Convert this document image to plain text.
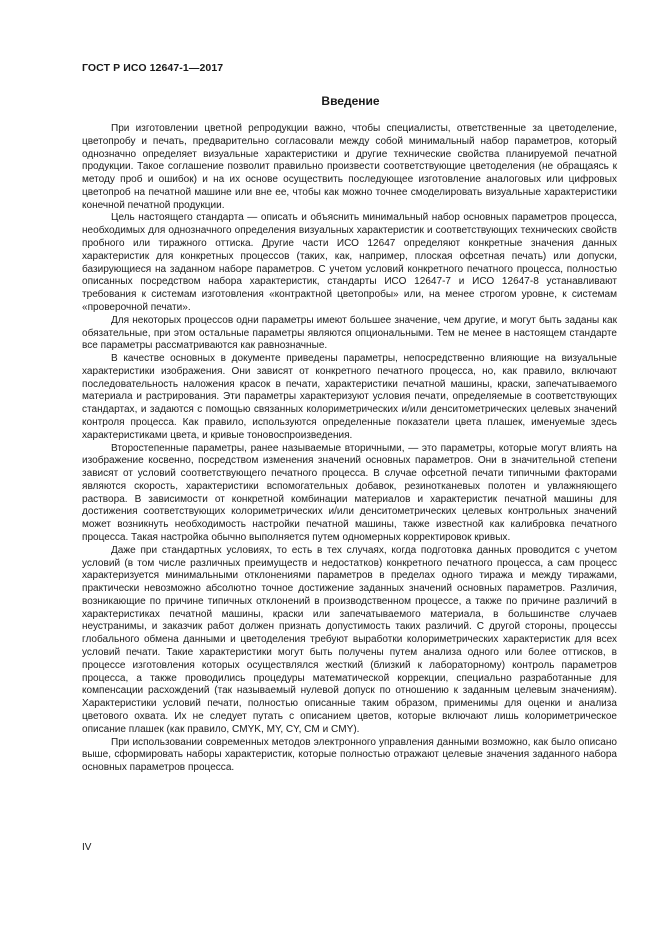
ГОСТ Р ИСО 12647-1—2017
Введение

При изготовлении цветной репродукции важно, чтобы специалисты, ответственные за цветоделение, цветопробу и печать, предварительно согласовали между собой минимальный набор параметров, который однозначно определяет визуальные характеристики и другие технические свойства планируемой печатной продукции. Такое соглашение позволит правильно произвести соответствующие цветоделения (не обращаясь к методу проб и ошибок) и на их основе осуществить последующее изготовление аналоговых или цифровых цветопроб на печатной машине или вне ее, чтобы как можно точнее смоделировать визуальные характеристики конечной печатной продукции.

Цель настоящего стандарта — описать и объяснить минимальный набор основных параметров процесса, необходимых для однозначного определения визуальных характеристик и соответствующих технических свойств пробного или тиражного оттиска. Другие части ИСО 12647 определяют конкретные значения данных характеристик для конкретных процессов (таких, как, например, плоская офсетная печать) или допуски, базирующиеся на заданном наборе параметров. С учетом условий конкретного печатного процесса, полностью описанных посредством набора характеристик, стандарты ИСО 12647-7 и ИСО 12647-8 устанавливают требования к системам изготовления «контрактной цветопробы» или, на менее строгом уровне, к системам «проверочной печати».

Для некоторых процессов одни параметры имеют большее значение, чем другие, и могут быть заданы как обязательные, при этом остальные параметры являются опциональными. Тем не менее в настоящем стандарте все параметры рассматриваются как равнозначные.

В качестве основных в документе приведены параметры, непосредственно влияющие на визуальные характеристики изображения. Они зависят от конкретного печатного процесса, но, как правило, включают последовательность наложения красок в печати, характеристики печатной машины, краски, запечатываемого материала и растрирования. Эти параметры характеризуют условия печати, определяемые в соответствующих стандартах, и задаются с помощью связанных колориметрических и/или денситометрических целевых значений контроля процесса. Как правило, используются определенные показатели цвета плашек, именуемые здесь характеристиками цвета, и кривые тоновоспроизведения.

Второстепенные параметры, ранее называемые вторичными, — это параметры, которые могут влиять на изображение косвенно, посредством изменения значений основных параметров. Они в значительной степени зависят от условий соответствующего печатного процесса. В случае офсетной печати типичными факторами являются скорость, характеристики вспомогательных добавок, резинотканевых полотен и увлажняющего раствора. В зависимости от конкретной комбинации материалов и характеристик печатной машины для достижения соответствующих колориметрических и/или денситометрических целевых контрольных значений может возникнуть необходимость настройки печатной машины, также известной как калибровка печатного процесса. Такая настройка обычно выполняется путем одномерных корректировок кривых.

Даже при стандартных условиях, то есть в тех случаях, когда подготовка данных проводится с учетом условий (в том числе различных преимуществ и недостатков) конкретного печатного процесса, а сам процесс характеризуется минимальными отклонениями параметров в пределах одного тиража и между тиражами, практически невозможно абсолютно точное достижение заданных значений основных параметров. Различия, возникающие по причине типичных отклонений в производственном процессе, а также по причине различий в характеристиках печатной машины, краски или запечатываемого материала, в большинстве случаев неустранимы, и заказчик работ должен признать допустимость таких различий. С другой стороны, процессы глобального обмена данными и цветоделения требуют выработки колориметрических характеристик для всех условий печати. Такие характеристики могут быть получены путем анализа одного или более оттисков, в процессе изготовления которых осуществлялся жесткий (близкий к лабораторному) контроль параметров процесса, а также проводились процедуры математической коррекции, специально разработанные для компенсации расхождений (так называемый нулевой допуск по отношению к заданным целевым значениям). Характеристики условий печати, полностью описанные таким образом, применимы для оценки и анализа цветового охвата. Их не следует путать с описанием цветов, которые включают лишь колориметрическое описание плашек (как правило, CMYK, MY, CY, CM и CMY).

При использовании современных методов электронного управления данными возможно, как было описано выше, сформировать наборы характеристик, которые полностью отражают целевые значения заданного набора основных параметров процесса.

IV
